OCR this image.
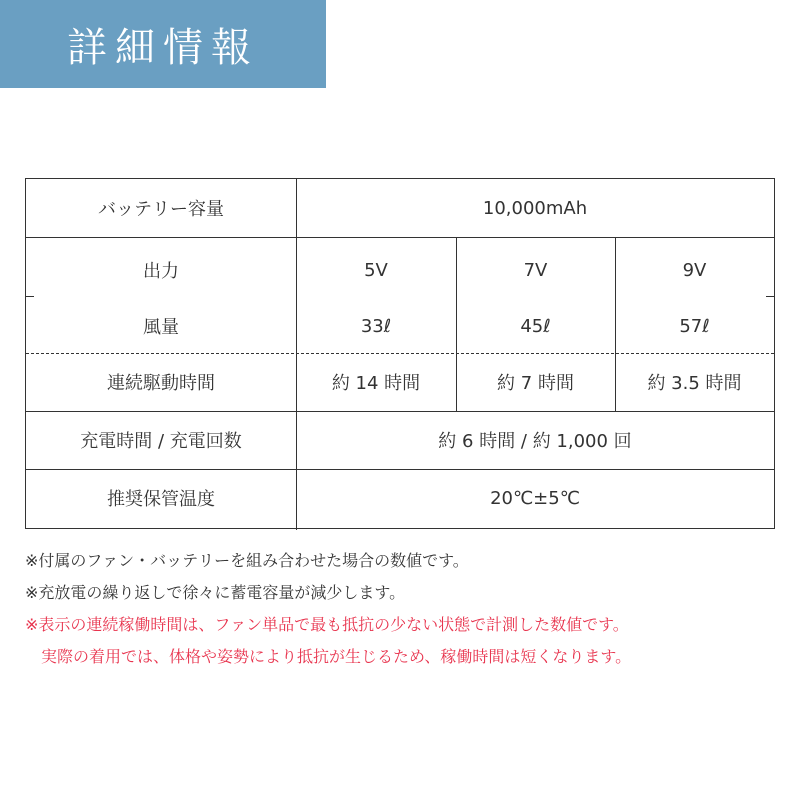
詳細情報
バッテリー容量	10,000mAh
出力	5V	7V	9V
風量	33ℓ	45ℓ	57ℓ
連続駆動時間	約 14 時間	約 7 時間	約 3.5 時間
充電時間 / 充電回数	約 6 時間 / 約 1,000 回
推奨保管温度	20℃±5℃
※付属のファン・バッテリーを組み合わせた場合の数値です。
※充放電の繰り返しで徐々に蓄電容量が減少します。
※表示の連続稼働時間は、ファン単品で最も抵抗の少ない状態で計測した数値です。
　実際の着用では、体格や姿勢により抵抗が生じるため、稼働時間は短くなります。
